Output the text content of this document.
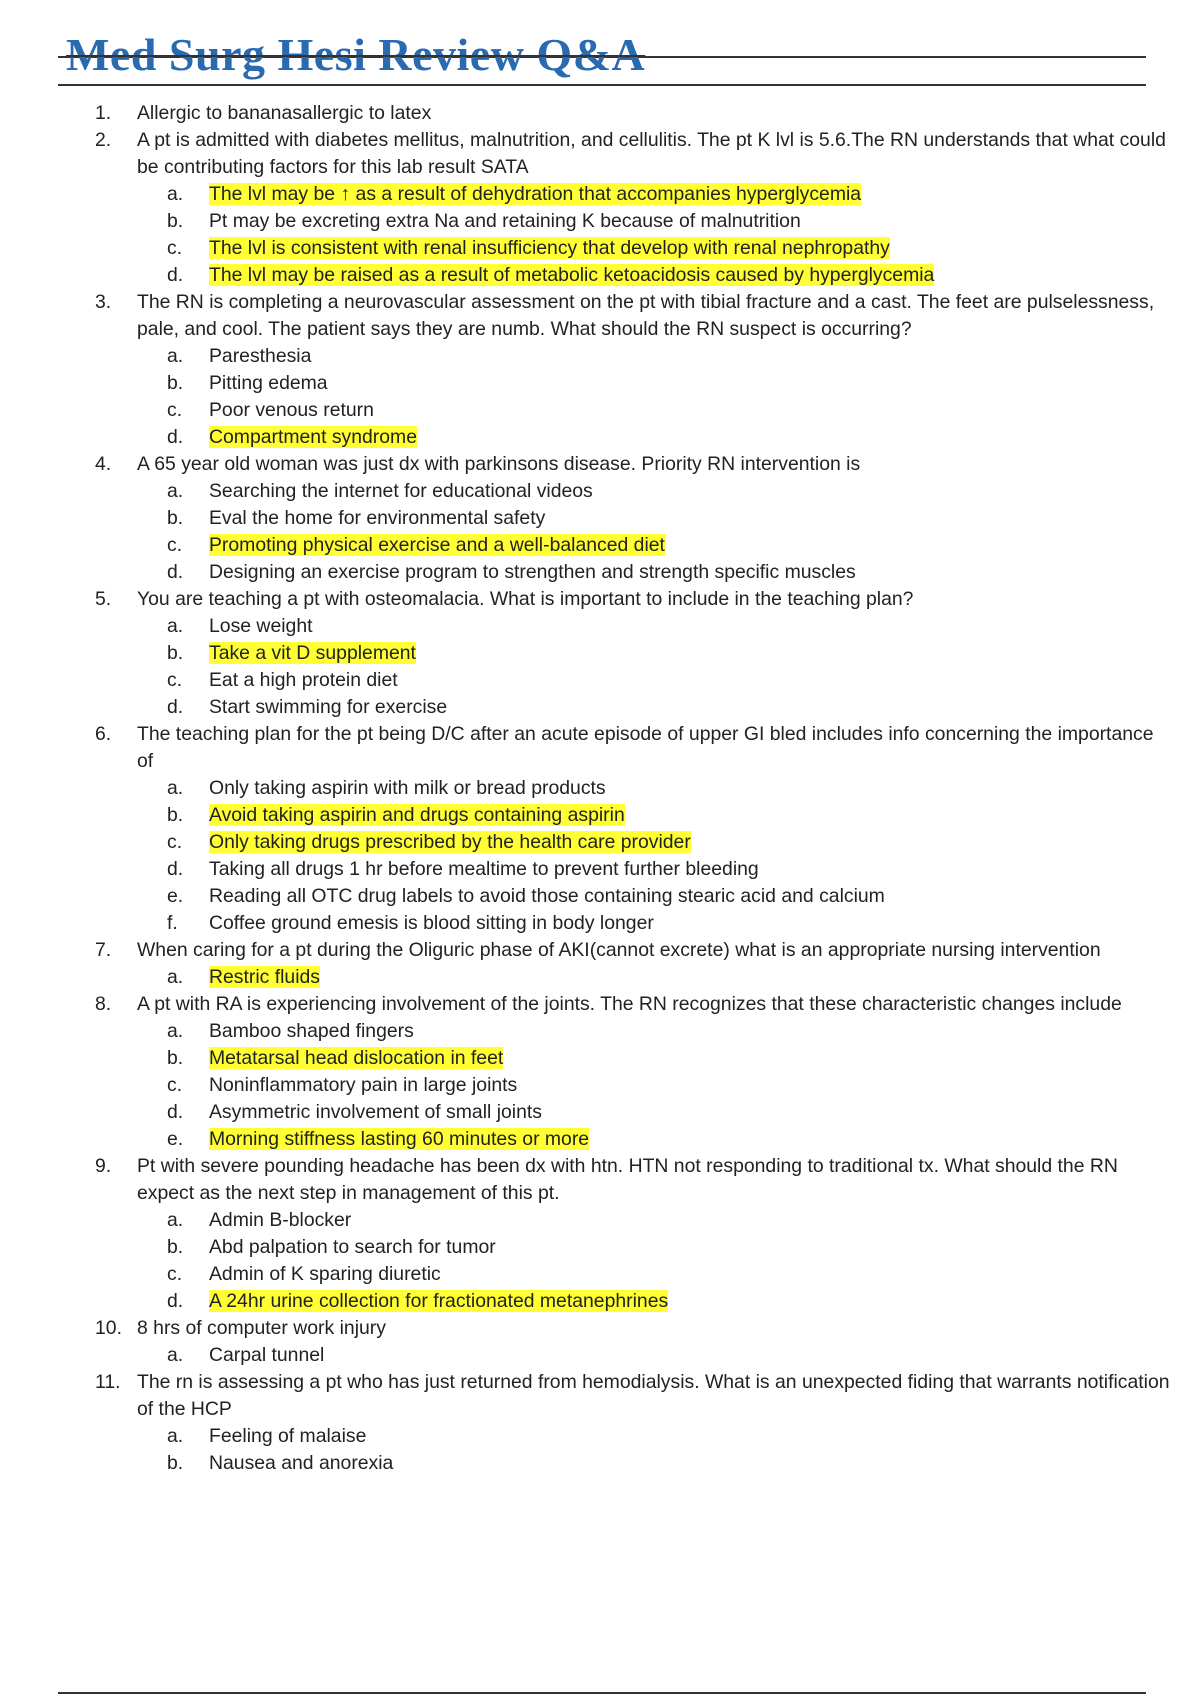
Med Surg Hesi Review Q&A
1.	Allergic to bananasallergic to latex
2.	A pt is admitted with diabetes mellitus, malnutrition, and cellulitis. The pt K lvl is 5.6.The RN understands that what could be contributing factors for this lab result SATA
a.	The lvl may be ↑ as a result of dehydration that accompanies hyperglycemia
b.	Pt may be excreting extra Na and retaining K because of malnutrition
c.	The lvl is consistent with renal insufficiency that develop with renal nephropathy
d.	The lvl may be raised as a result of metabolic ketoacidosis caused by hyperglycemia
3.	The RN is completing a neurovascular assessment on the pt with tibial fracture and a cast. The feet are pulselessness, pale, and cool. The patient says they are numb. What should the RN suspect is occurring?
a.	Paresthesia
b.	Pitting edema
c.	Poor venous return
d.	Compartment syndrome
4.	A 65 year old woman was just dx with parkinsons disease. Priority RN intervention is
a.	Searching the internet for educational videos
b.	Eval the home for environmental safety
c.	Promoting physical exercise and a well-balanced diet
d.	Designing an exercise program to strengthen and strength specific muscles
5.	You are teaching a pt with osteomalacia. What is important to include in the teaching plan?
a.	Lose weight
b.	Take a vit D supplement
c.	Eat a high protein diet
d.	Start swimming for exercise
6.	The teaching plan for the pt being D/C after an acute episode of upper GI bled includes info concerning the importance of
a.	Only taking aspirin with milk or bread products
b.	Avoid taking aspirin and drugs containing aspirin
c.	Only taking drugs prescribed by the health care provider
d.	Taking all drugs 1 hr before mealtime to prevent further bleeding
e.	Reading all OTC drug labels to avoid those containing stearic acid and calcium
f.	Coffee ground emesis is blood sitting in body longer
7.	When caring for a pt during the Oliguric phase of AKI(cannot excrete) what is an appropriate nursing intervention
a.	Restric fluids
8.	A pt with RA is experiencing involvement of the joints. The RN recognizes that these characteristic changes include
a.	Bamboo shaped fingers
b.	Metatarsal head dislocation in feet
c.	Noninflammatory pain in large joints
d.	Asymmetric involvement of small joints
e.	Morning stiffness lasting 60 minutes or more
9.	Pt with severe pounding headache has been dx with htn. HTN not responding to traditional tx. What should the RN expect as the next step in management of this pt.
a.	Admin B-blocker
b.	Abd palpation to search for tumor
c.	Admin of K sparing diuretic
d.	A 24hr urine collection for fractionated metanephrines
10. 8 hrs of computer work injury
a.	Carpal tunnel
11. The rn is assessing a pt who has just returned from hemodialysis. What is an unexpected fiding that warrants notification of the HCP
a.	Feeling of malaise
b.	Nausea and anorexia
